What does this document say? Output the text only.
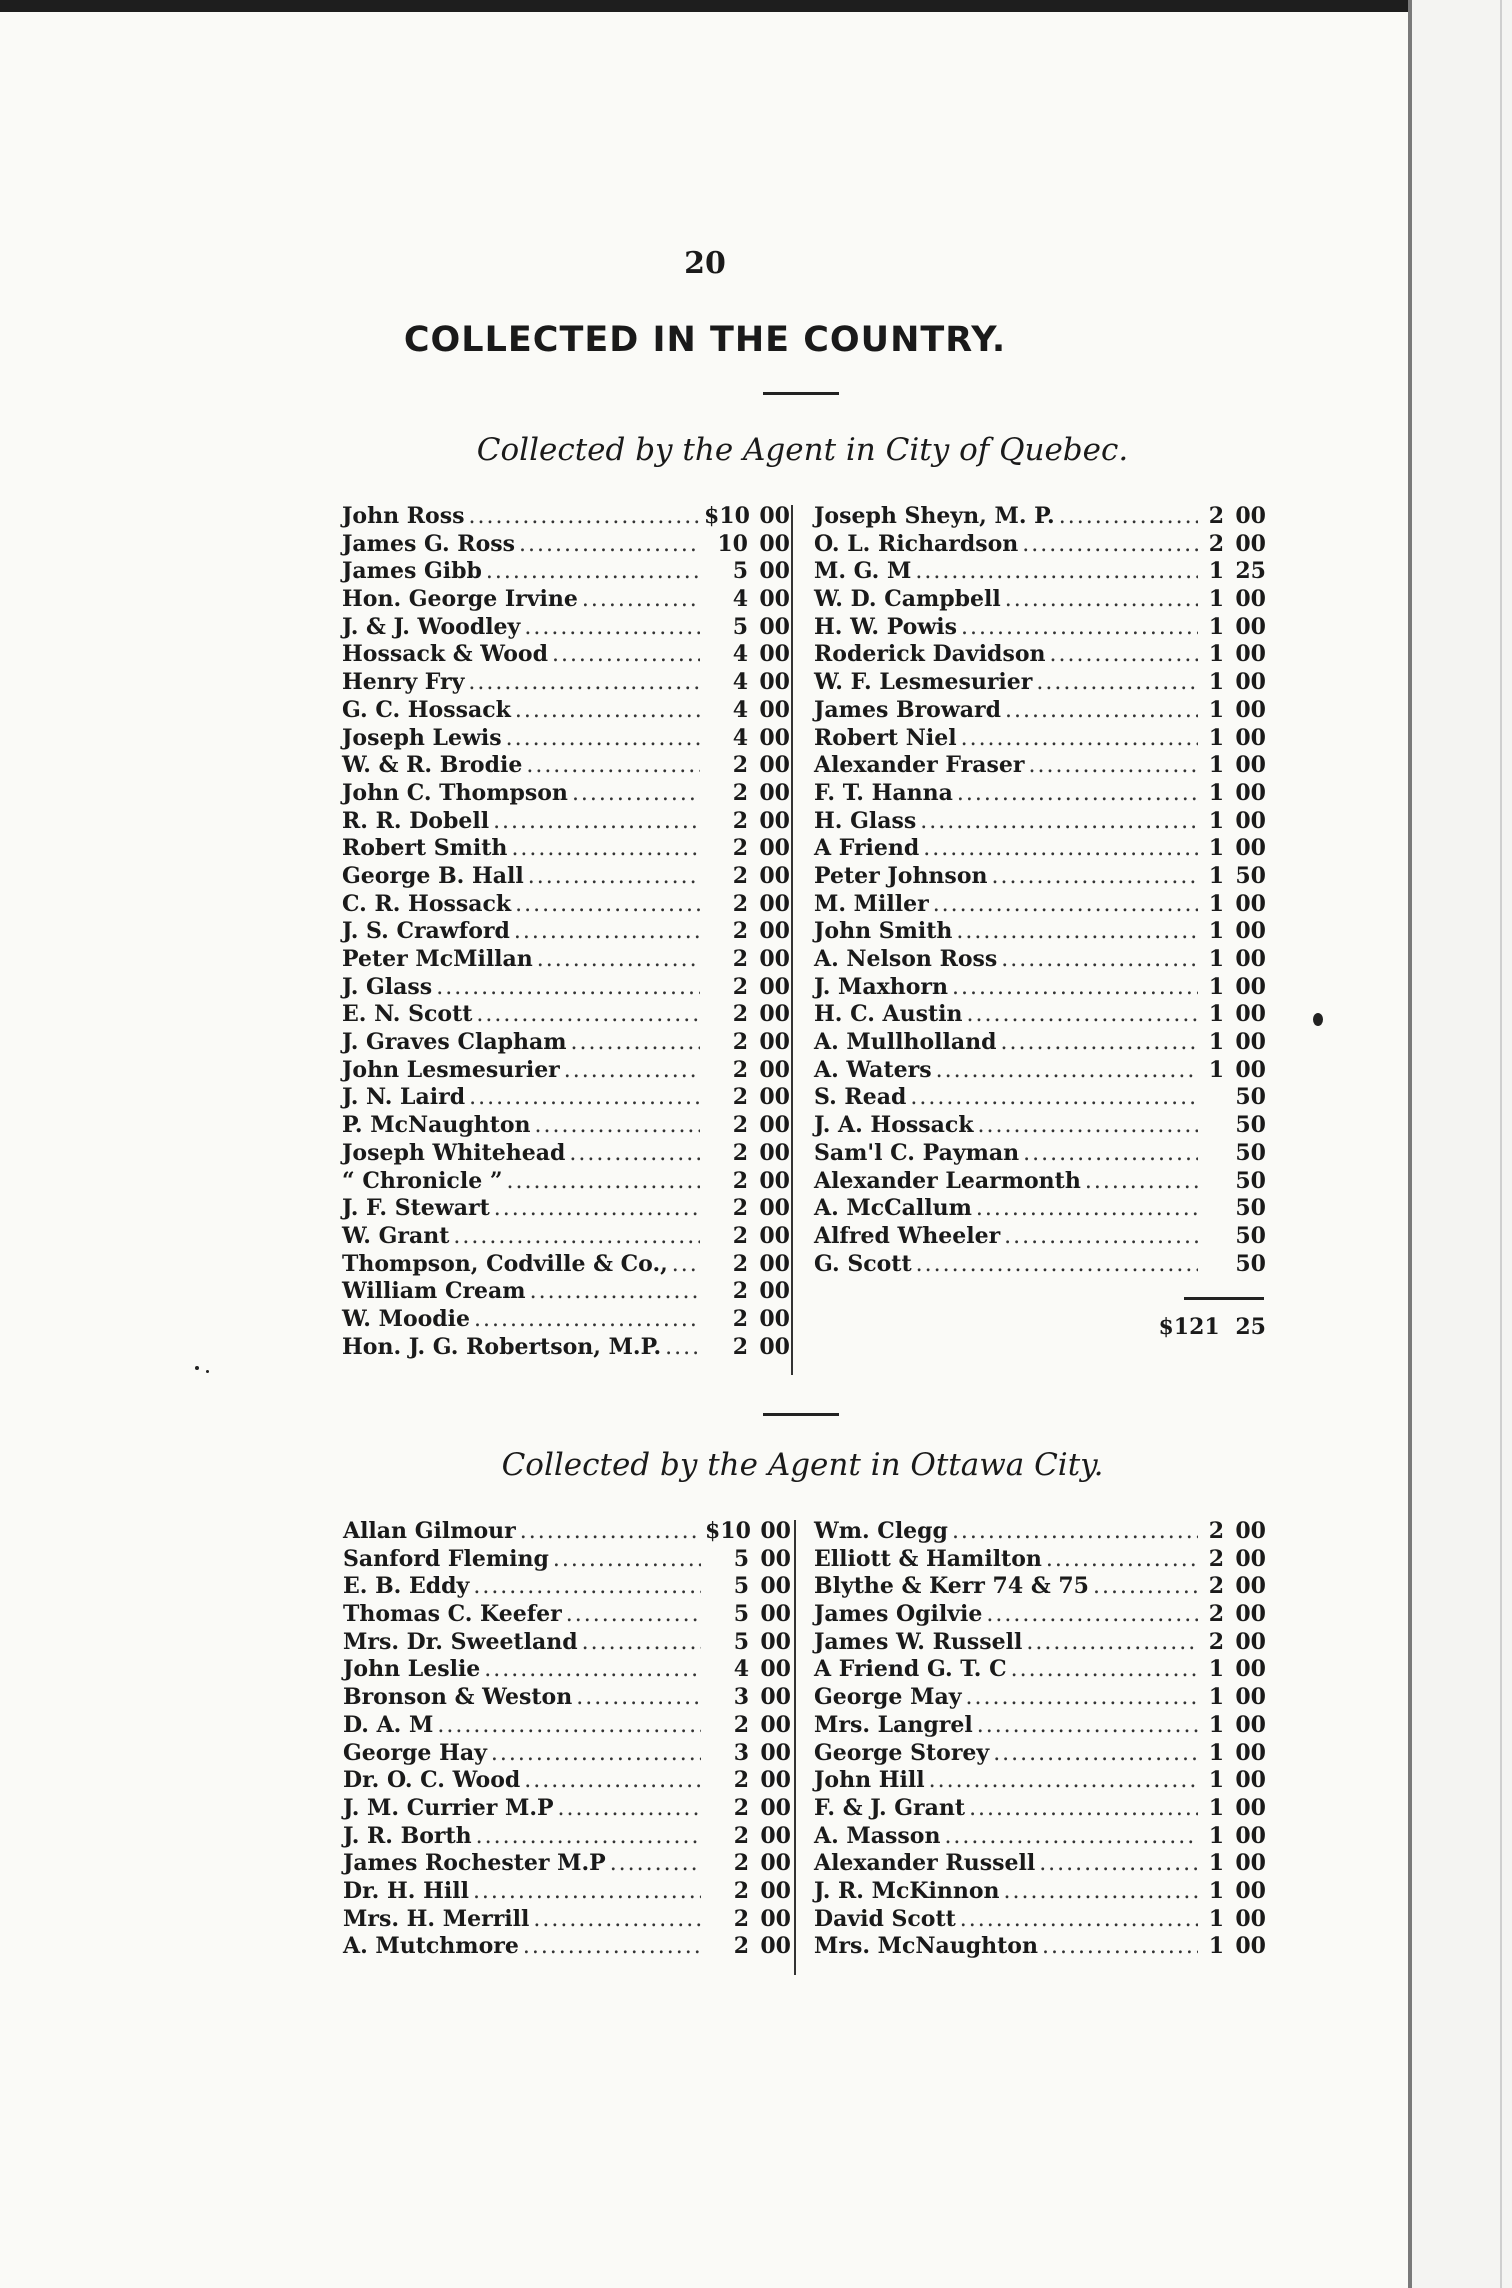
20
COLLECTED IN THE COUNTRY.
Collected by the Agent in City of Quebec.
John Ross .....	$10 00
James G. Ross .....	10 00
James Gibb .....	5 00
Hon. George Irvine .....	4 00
J. & J. Woodley .....	5 00
Hossack & Wood .....	4 00
Henry Fry .....	4 00
G. C. Hossack .....	4 00
Joseph Lewis .....	4 00
W. & R. Brodie .....	2 00
John C. Thompson .....	2 00
R. R. Dobell .....	2 00
Robert Smith .....	2 00
George B. Hall .....	2 00
C. R. Hossack .....	2 00
J. S. Crawford .....	2 00
Peter McMillan .....	2 00
J. Glass .....	2 00
E. N. Scott .....	2 00
J. Graves Clapham .....	2 00
John Lesmesurier .....	2 00
J. N. Laird .....	2 00
P. McNaughton .....	2 00
Joseph Whitehead .....	2 00
“ Chronicle ” .....	2 00
J. F. Stewart .....	2 00
W. Grant .....	2 00
Thompson, Codville & Co., .....	2 00
William Cream .....	2 00
W. Moodie .....	2 00
Hon. J. G. Robertson, M.P. .....	2 00
Joseph Sheyn, M. P. .....	2 00
O. L. Richardson .....	2 00
M. G. M .....	1 25
W. D. Campbell .....	1 00
H. W. Powis .....	1 00
Roderick Davidson .....	1 00
W. F. Lesmesurier .....	1 00
James Broward .....	1 00
Robert Niel .....	1 00
Alexander Fraser .....	1 00
F. T. Hanna .....	1 00
H. Glass .....	1 00
A Friend .....	1 00
Peter Johnson .....	1 50
M. Miller .....	1 00
John Smith .....	1 00
A. Nelson Ross .....	1 00
J. Maxhorn .....	1 00
H. C. Austin .....	1 00
A. Mullholland .....	1 00
A. Waters .....	1 00
S. Read .....	50
J. A. Hossack .....	50
Sam'l C. Payman .....	50
Alexander Learmonth .....	50
A. McCallum .....	50
Alfred Wheeler .....	50
G. Scott .....	50
$121 25
Collected by the Agent in Ottawa City.
Allan Gilmour .....	$10 00
Sanford Fleming .....	5 00
E. B. Eddy .....	5 00
Thomas C. Keefer .....	5 00
Mrs. Dr. Sweetland .....	5 00
John Leslie .....	4 00
Bronson & Weston .....	3 00
D. A. M .....	2 00
George Hay .....	3 00
Dr. O. C. Wood .....	2 00
J. M. Currier M.P .....	2 00
J. R. Borth .....	2 00
James Rochester M.P .....	2 00
Dr. H. Hill .....	2 00
Mrs. H. Merrill .....	2 00
A. Mutchmore .....	2 00
Wm. Clegg .....	2 00
Elliott & Hamilton .....	2 00
Blythe & Kerr 74 & 75 .....	2 00
James Ogilvie .....	2 00
James W. Russell .....	2 00
A Friend G. T. C .....	1 00
George May .....	1 00
Mrs. Langrel .....	1 00
George Storey .....	1 00
John Hill .....	1 00
F. & J. Grant .....	1 00
A. Masson .....	1 00
Alexander Russell .....	1 00
J. R. McKinnon .....	1 00
David Scott .....	1 00
Mrs. McNaughton .....	1 00
